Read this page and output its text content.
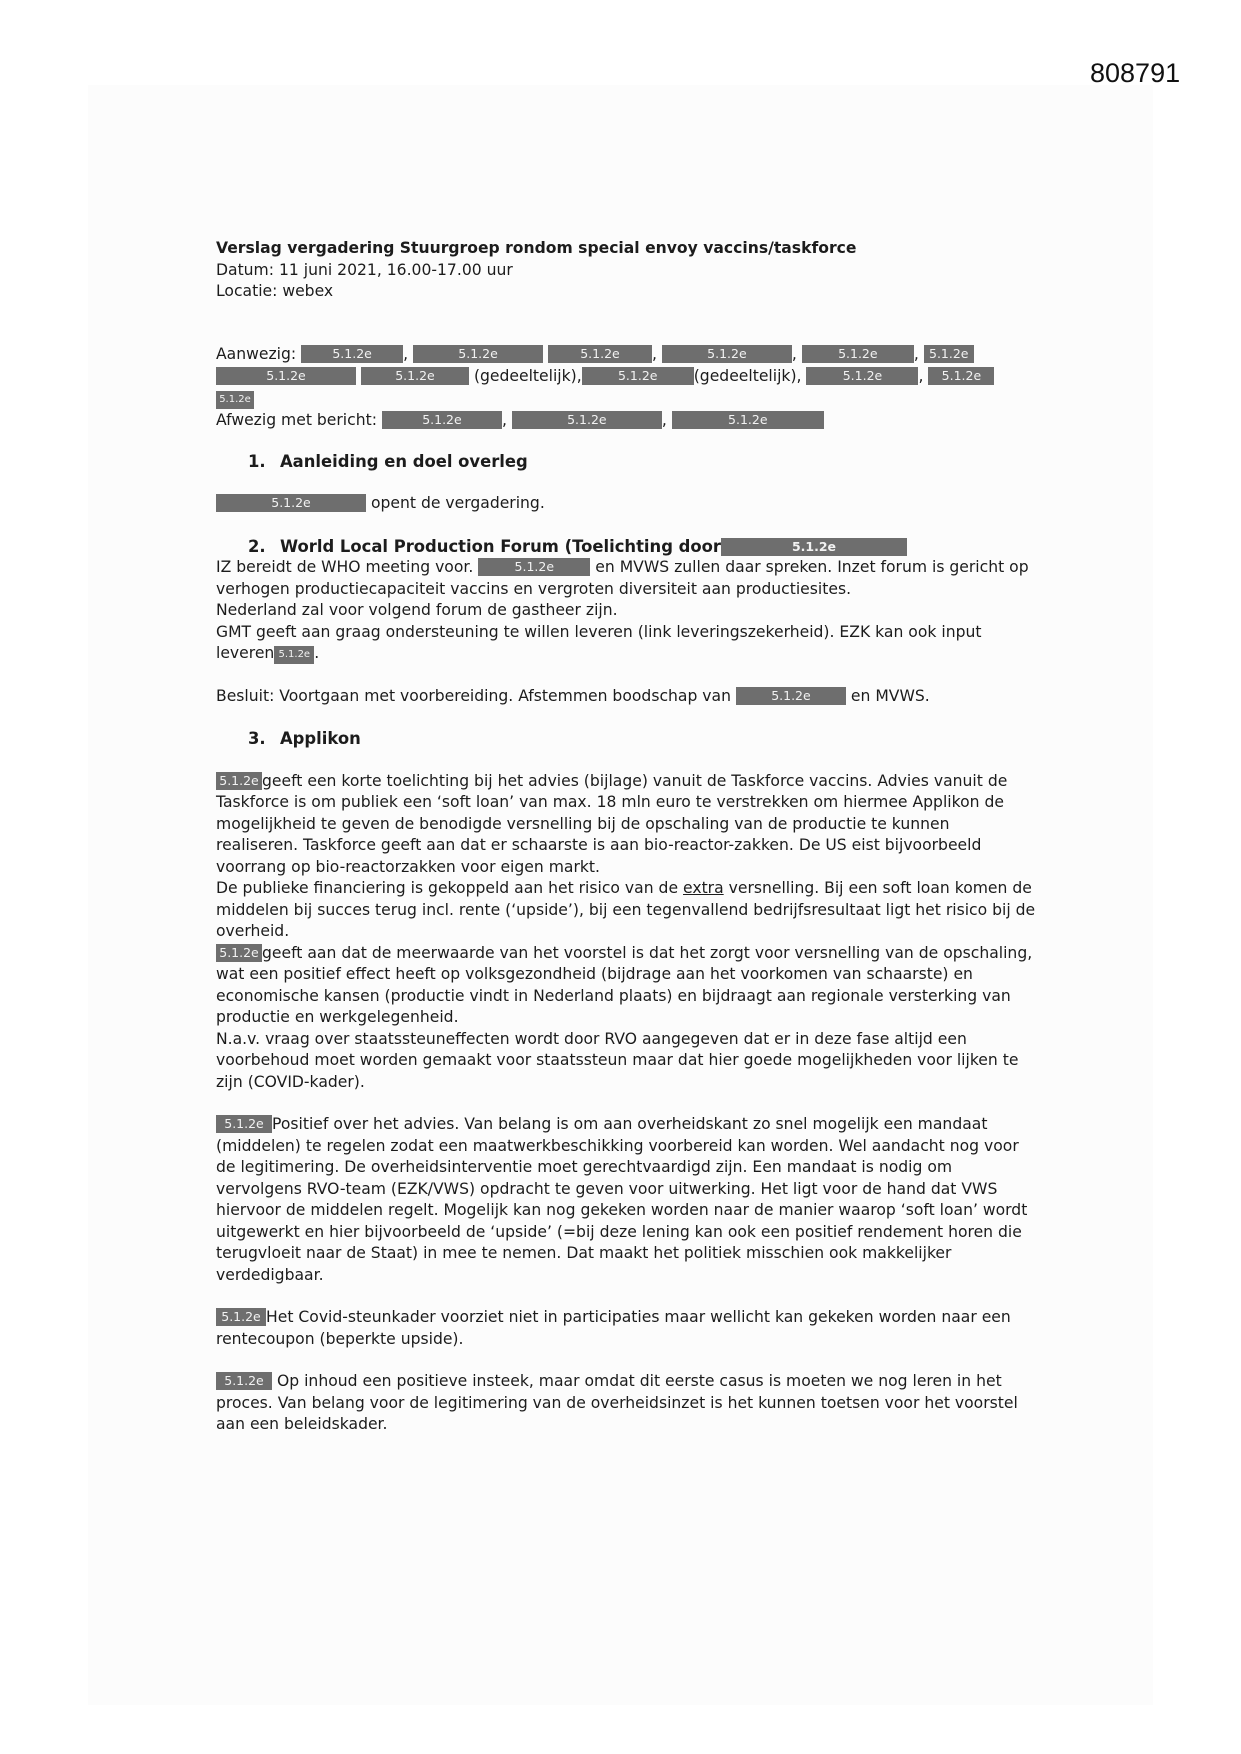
808791

Verslag vergadering Stuurgroep rondom special envoy vaccins/taskforce

Datum: 11 juni 2021, 16.00-17.00 uur

Locatie: webex

Aanwezig:	5.1.2e ,	5.1.2e	5.1.2e ,	5.1.2e	,	5.1.2e , 5.1.2e
5.1.2e	5.1.2e	(gedeeltelijk),	5.1.2e (gedeeltelijk),	5.1.2e , 5.1.2e
5.1.2e

Afwezig met bericht:	5.1.2e	,	5.1.2e	,	5.1.2e

1. Aanleiding en doel overleg

5.1.2e	opent de vergadering.

2. World Local Production Forum (Toelichting door	5.1.2e

IZ bereidt de WHO meeting voor.	5.1.2e	en MVWS zullen daar spreken. Inzet forum is gericht op verhogen productiecapaciteit vaccins en vergroten diversiteit aan productiesites.

Nederland zal voor volgend forum de gastheer zijn.

GMT geeft aan graag ondersteuning te willen leveren (link leveringszekerheid). EZK kan ook input leveren 5.1.2e .

Besluit: Voortgaan met voorbereiding. Afstemmen boodschap van	5.1.2e	en MVWS.

3. Applikon

5.1.2e geeft een korte toelichting bij het advies (bijlage) vanuit de Taskforce vaccins. Advies vanuit de Taskforce is om publiek een ‘soft loan’ van max. 18 mln euro te verstrekken om hiermee Applikon de mogelijkheid te geven de benodigde versnelling bij de opschaling van de productie te kunnen realiseren. Taskforce geeft aan dat er schaarste is aan bio-reactor-zakken. De US eist bijvoorbeeld voorrang op bio-reactorzakken voor eigen markt.

De publieke financiering is gekoppeld aan het risico van de extra versnelling. Bij een soft loan komen de middelen bij succes terug incl. rente (‘upside’), bij een tegenvallend bedrijfsresultaat ligt het risico bij de overheid.

5.1.2e geeft aan dat de meerwaarde van het voorstel is dat het zorgt voor versnelling van de opschaling, wat een positief effect heeft op volksgezondheid (bijdrage aan het voorkomen van schaarste) en economische kansen (productie vindt in Nederland plaats) en bijdraagt aan regionale versterking van productie en werkgelegenheid.

N.a.v. vraag over staatssteuneffecten wordt door RVO aangegeven dat er in deze fase altijd een voorbehoud moet worden gemaakt voor staatssteun maar dat hier goede mogelijkheden voor lijken te zijn (COVID-kader).

5.1.2e Positief over het advies. Van belang is om aan overheidskant zo snel mogelijk een mandaat (middelen) te regelen zodat een maatwerkbeschikking voorbereid kan worden. Wel aandacht nog voor de legitimering. De overheidsinterventie moet gerechtvaardigd zijn. Een mandaat is nodig om vervolgens RVO-team (EZK/VWS) opdracht te geven voor uitwerking. Het ligt voor de hand dat VWS hiervoor de middelen regelt. Mogelijk kan nog gekeken worden naar de manier waarop ‘soft loan’ wordt uitgewerkt en hier bijvoorbeeld de ‘upside’ (=bij deze lening kan ook een positief rendement horen die terugvloeit naar de Staat) in mee te nemen. Dat maakt het politiek misschien ook makkelijker verdedigbaar.

5.1.2e Het Covid-steunkader voorziet niet in participaties maar wellicht kan gekeken worden naar een rentecoupon (beperkte upside).

5.1.2e Op inhoud een positieve insteek, maar omdat dit eerste casus is moeten we nog leren in het proces. Van belang voor de legitimering van de overheidsinzet is het kunnen toetsen voor het voorstel aan een beleidskader.
